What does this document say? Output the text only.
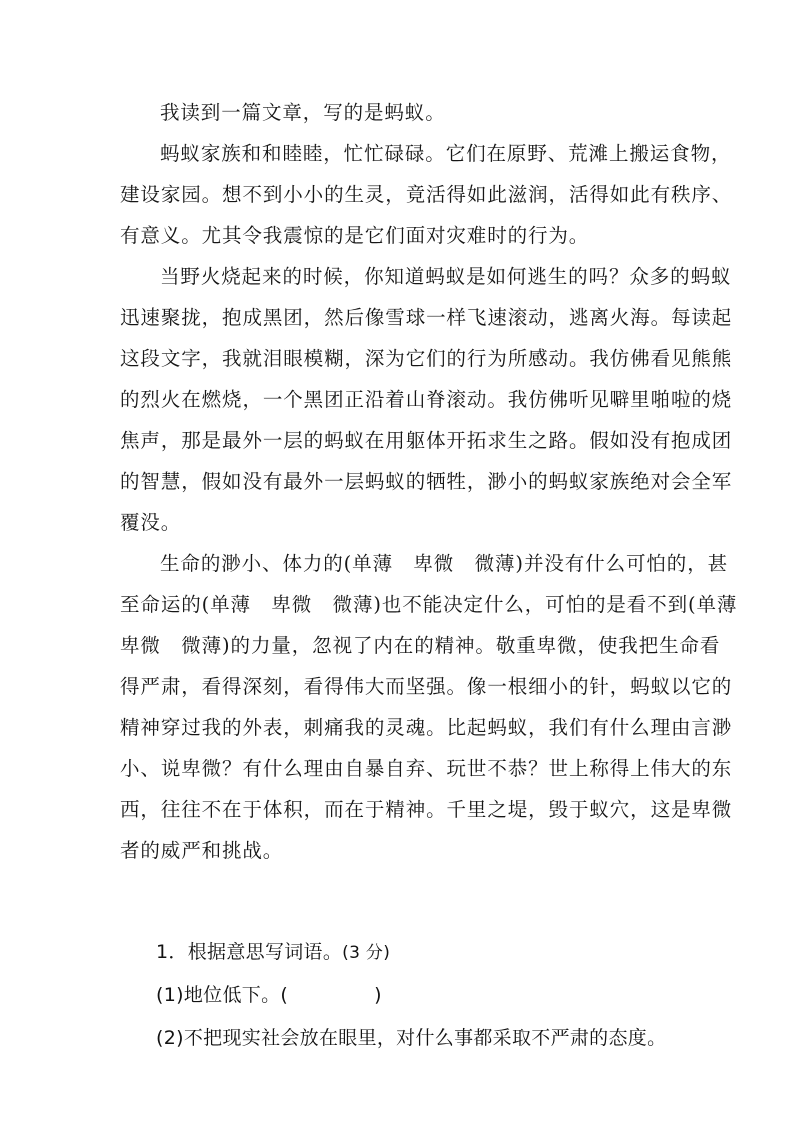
我读到一篇文章，写的是蚂蚁。
蚂 蚁 家 族 和 和 睦 睦 ， 忙 忙 碌 碌 。 它 们 在 原 野 、 荒 滩 上 搬 运 食 物 ，
建 设 家 园 。 想 不 到 小 小 的 生 灵 ， 竟 活 得 如 此 滋 润 ， 活 得 如 此 有 秩 序 、
有意义。尤其令我震惊的是它们面对灾难时的行为。
当 野 火 烧 起 来 的 时 候 ， 你 知 道 蚂 蚁 是 如 何 逃 生 的 吗 ？ 众 多 的 蚂 蚁
迅 速 聚 拢 ， 抱 成 黑 团 ， 然 后 像 雪 球 一 样 飞 速 滚 动 ， 逃 离 火 海 。 每 读 起
这 段 文 字 ， 我 就 泪 眼 模 糊 ， 深 为 它 们 的 行 为 所 感 动 。 我 仿 佛 看 见 熊 熊
的 烈 火 在 燃 烧 ， 一 个 黑 团 正 沿 着 山 脊 滚 动 。 我 仿 佛 听 见 噼 里 啪 啦 的 烧
焦 声 ， 那 是 最 外 一 层 的 蚂 蚁 在 用 躯 体 开 拓 求 生 之 路 。 假 如 没 有 抱 成 团
的 智 慧 ， 假 如 没 有 最 外 一 层 蚂 蚁 的 牺 牲 ， 渺 小 的 蚂 蚁 家 族 绝 对 会 全 军
覆没。
生 命 的 渺 小 、 体 力 的 ( 单 薄
　 卑 微
　 微 薄 ) 并 没 有 什 么 可 怕 的 ， 甚
至 命 运 的 ( 单 薄
　 卑 微
　 微 薄 ) 也 不 能 决 定 什 么 ， 可 怕 的 是 看 不 到 ( 单 薄
卑 微
　 微 薄 ) 的 力 量 ， 忽 视 了 内 在 的 精 神 。 敬 重 卑 微 ， 使 我 把 生 命 看
得 严 肃 ， 看 得 深 刻 ， 看 得 伟 大 而 坚 强 。 像 一 根 细 小 的 针 ， 蚂 蚁 以 它 的
精 神 穿 过 我 的 外 表 ， 刺 痛 我 的 灵 魂 。 比 起 蚂 蚁 ， 我 们 有 什 么 理 由 言 渺
小 、 说 卑 微 ？ 有 什 么 理 由 自 暴 自 弃 、 玩 世 不 恭 ？ 世 上 称 得 上 伟 大 的 东
西 ， 往 往 不 在 于 体 积 ， 而 在 于 精 神 。 千 里 之 堤 ， 毁 于 蚁 穴 ， 这 是 卑 微
者的威严和挑战。

1．根据意思写词语。(3 分)

(1)地位低下。(	)

(2)不把现实社会放在眼里，对什么事都采取不严肃的态度。
